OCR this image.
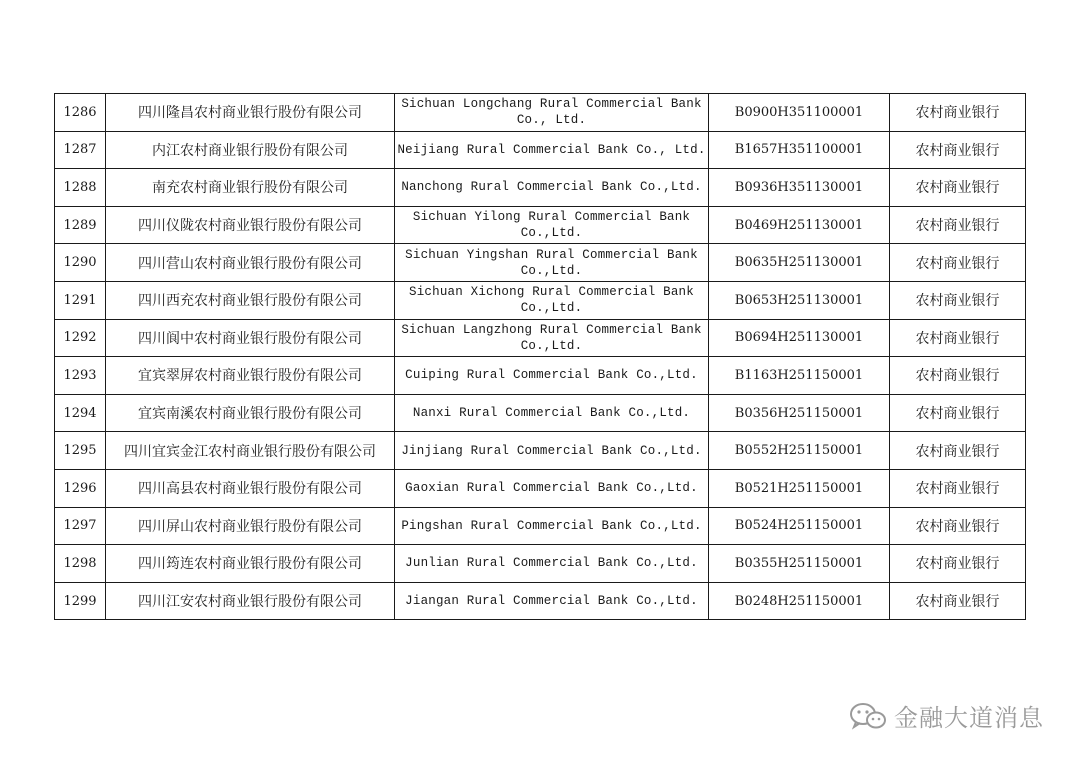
1286	四川隆昌农村商业银行股份有限公司	Sichuan Longchang Rural Commercial Bank Co., Ltd.	B0900H351100001	农村商业银行
1287	内江农村商业银行股份有限公司	Neijiang Rural Commercial Bank Co., Ltd.	B1657H351100001	农村商业银行
1288	南充农村商业银行股份有限公司	Nanchong Rural Commercial Bank Co.,Ltd.	B0936H351130001	农村商业银行
1289	四川仪陇农村商业银行股份有限公司	Sichuan Yilong Rural Commercial Bank Co.,Ltd.	B0469H251130001	农村商业银行
1290	四川营山农村商业银行股份有限公司	Sichuan Yingshan Rural Commercial Bank Co.,Ltd.	B0635H251130001	农村商业银行
1291	四川西充农村商业银行股份有限公司	Sichuan Xichong Rural Commercial Bank Co.,Ltd.	B0653H251130001	农村商业银行
1292	四川阆中农村商业银行股份有限公司	Sichuan Langzhong Rural Commercial Bank Co.,Ltd.	B0694H251130001	农村商业银行
1293	宜宾翠屏农村商业银行股份有限公司	Cuiping Rural Commercial Bank Co.,Ltd.	B1163H251150001	农村商业银行
1294	宜宾南溪农村商业银行股份有限公司	Nanxi Rural Commercial Bank Co.,Ltd.	B0356H251150001	农村商业银行
1295	四川宜宾金江农村商业银行股份有限公司	Jinjiang Rural Commercial Bank Co.,Ltd.	B0552H251150001	农村商业银行
1296	四川高县农村商业银行股份有限公司	Gaoxian Rural Commercial Bank Co.,Ltd.	B0521H251150001	农村商业银行
1297	四川屏山农村商业银行股份有限公司	Pingshan Rural Commercial Bank Co.,Ltd.	B0524H251150001	农村商业银行
1298	四川筠连农村商业银行股份有限公司	Junlian Rural Commercial Bank Co.,Ltd.	B0355H251150001	农村商业银行
1299	四川江安农村商业银行股份有限公司	Jiangan Rural Commercial Bank Co.,Ltd.	B0248H251150001	农村商业银行
金融大道消息
